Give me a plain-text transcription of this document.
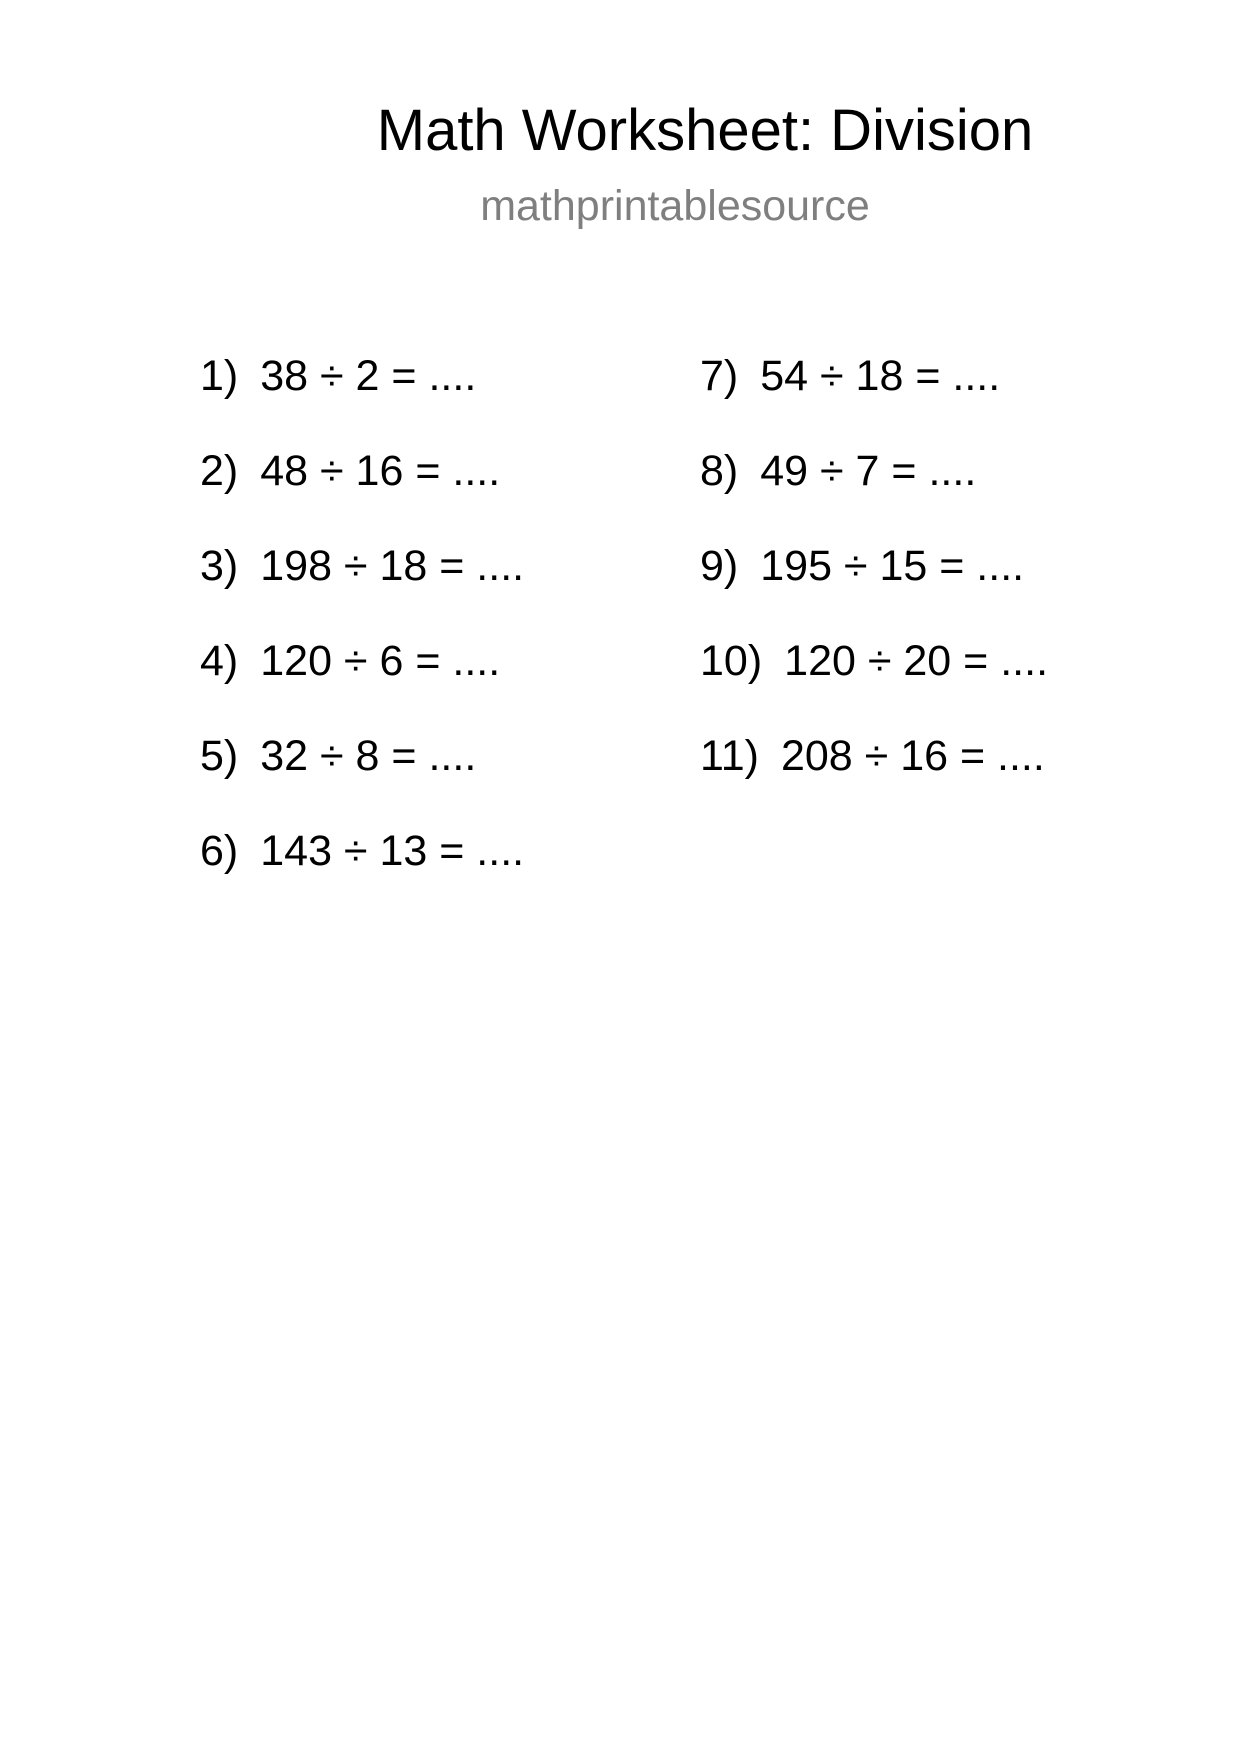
Math Worksheet: Division
mathprintablesource
1) 38 ÷ 2 = ....
2) 48 ÷ 16 = ....
3) 198 ÷ 18 = ....
4) 120 ÷ 6 = ....
5) 32 ÷ 8 = ....
6) 143 ÷ 13 = ....
7) 54 ÷ 18 = ....
8) 49 ÷ 7 = ....
9) 195 ÷ 15 = ....
10) 120 ÷ 20 = ....
11) 208 ÷ 16 = ....
